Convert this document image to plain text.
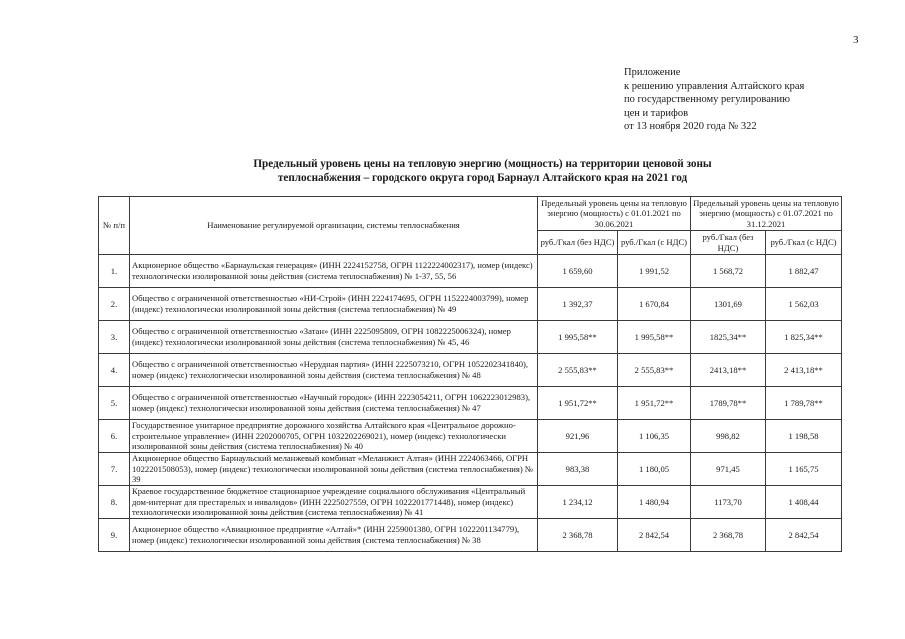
3
Приложение
к решению управления Алтайского края
по государственному регулированию
цен и тарифов
от 13 ноября 2020 года № 322
Предельный уровень цены на тепловую энергию (мощность) на территории ценовой зоны
теплоснабжения – городского округа город Барнаул Алтайского края на 2021 год
№ п/п	Наименование регулируемой организации, системы теплоснабжения	Предельный уровень цены на тепловую энергию (мощность) с 01.01.2021 по 30.06.2021		Предельный уровень цены на тепловую энергию (мощность) с 01.07.2021 по 31.12.2021	
		руб./Гкал (без НДС)	руб./Гкал (с НДС)	руб./Гкал (без НДС)	руб./Гкал (с НДС)
1.	Акционерное общество «Барнаульская генерация» (ИНН 2224152758, ОГРН 1122224002317), номер (индекс) технологически изолированной зоны действия (система теплоснабжения) № 1-37, 55, 56	1 659,60	1 991,52	1 568,72	1 882,47
2.	Общество с ограниченной ответственностью «НИ-Строй» (ИНН 2224174695, ОГРН 1152224003799), номер (индекс) технологически изолированной зоны действия (система теплоснабжения) № 49	1 392,37	1 670,84	1301,69	1 562,03
3.	Общество с ограниченной ответственностью «Затан» (ИНН 2225095809, ОГРН 1082225006324), номер (индекс) технологически изолированной зоны действия (система теплоснабжения) № 45, 46	1 995,58**	1 995,58**	1825,34**	1 825,34**
4.	Общество с ограниченной ответственностью «Нерудная партия» (ИНН 2225073210, ОГРН 1052202341840), номер (индекс) технологически изолированной зоны действия (система теплоснабжения) № 48	2 555,83**	2 555,83**	2413,18**	2 413,18**
5.	Общество с ограниченной ответственностью «Научный городок» (ИНН 2223054211, ОГРН 1062223012983), номер (индекс) технологически изолированной зоны действия (система теплоснабжения) № 47	1 951,72**	1 951,72**	1789,78**	1 789,78**
6.	Государственное унитарное предприятие дорожного хозяйства Алтайского края «Центральное дорожно-строительное управление» (ИНН 2202000705, ОГРН 1032202269021), номер (индекс) технологически изолированной зоны действия (система теплоснабжения) № 40	921,96	1 106,35	998,82	1 198,58
7.	Акционерное общество Барнаульский меланжевый комбинат «Меланжист Алтая» (ИНН 2224063466, ОГРН 1022201508053), номер (индекс) технологически изолированной зоны действия (система теплоснабжения) № 39	983,38	1 180,05	971,45	1 165,75
8.	Краевое государственное бюджетное стационарное учреждение социального обслуживания «Центральный дом-интернат для престарелых и инвалидов» (ИНН 2225027559, ОГРН 1022201771448), номер (индекс) технологически изолированной зоны действия (система теплоснабжения) № 41	1 234,12	1 480,94	1173,70	1 408,44
9.	Акционерное общество «Авиационное предприятие «Алтай»* (ИНН 2259001380, ОГРН 1022201134779), номер (индекс) технологически изолированной зоны действия (система теплоснабжения) № 38	2 368,78	2 842,54	2 368,78	2 842,54
